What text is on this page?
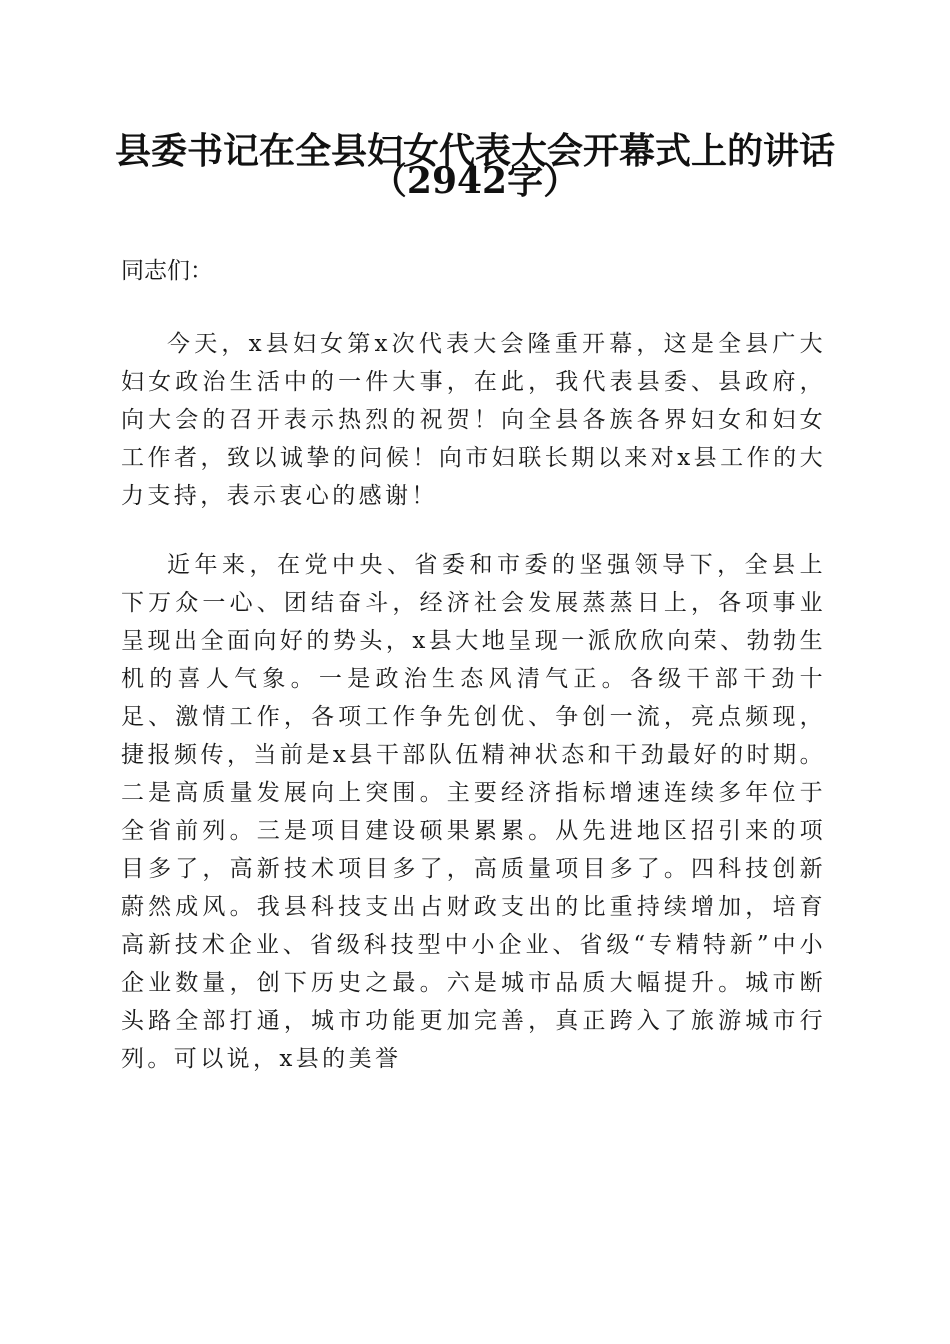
县委书记在全县妇女代表大会开幕式上的讲话
（2942字）

同志们：

今天，x县妇女第x次代表大会隆重开幕，这是全县广大妇女政治生活中的一件大事，在此，我代表县委、县政府，向大会的召开表示热烈的祝贺！向全县各族各界妇女和妇女工作者，致以诚挚的问候！向市妇联长期以来对x县工作的大力支持，表示衷心的感谢！

近年来，在党中央、省委和市委的坚强领导下，全县上下万众一心、团结奋斗，经济社会发展蒸蒸日上，各项事业呈现出全面向好的势头，x县大地呈现一派欣欣向荣、勃勃生机的喜人气象。一是政治生态风清气正。各级干部干劲十足、激情工作，各项工作争先创优、争创一流，亮点频现，捷报频传，当前是x县干部队伍精神状态和干劲最好的时期。二是高质量发展向上突围。主要经济指标增速连续多年位于全省前列。三是项目建设硕果累累。从先进地区招引来的项目多了，高新技术项目多了，高质量项目多了。四科技创新蔚然成风。我县科技支出占财政支出的比重持续增加，培育高新技术企业、省级科技型中小企业、省级“专精特新”中小企业数量，创下历史之最。六是城市品质大幅提升。城市断头路全部打通，城市功能更加完善，真正跨入了旅游城市行列。可以说，x县的美誉
